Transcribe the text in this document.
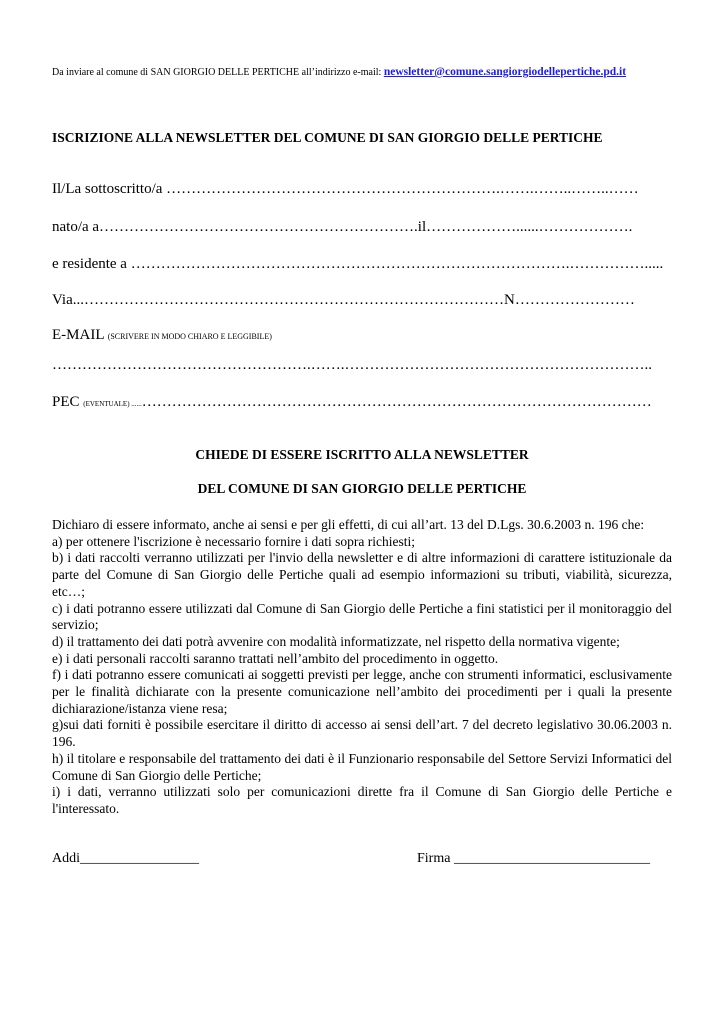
Da inviare al comune di SAN GIORGIO DELLE PERTICHE all’indirizzo e-mail: newsletter@comune.sangiorgiodellepertiche.pd.it
ISCRIZIONE ALLA NEWSLETTER DEL COMUNE DI SAN GIORGIO DELLE PERTICHE
Il/La sottoscritto/a ………………………………………………………….…….……..……..……
nato/a a……………………………………………………….il………………......……………….
e residente a …………………………………………………………………………….…………….....
Via...…………………………………………………………………………N……………………
E-MAIL (SCRIVERE IN MODO CHIARO E LEGGIBILE)
…………………………………………….…….……………………………………………………..
PEC (EVENTUALE) ......…………………………………………………………………………………………
CHIEDE DI ESSERE ISCRITTO ALLA NEWSLETTER
DEL COMUNE DI SAN GIORGIO DELLE PERTICHE

Dichiaro di essere informato, anche ai sensi e per gli effetti, di cui all’art. 13 del D.Lgs. 30.6.2003 n. 196 che:

a) per ottenere l'iscrizione è necessario fornire i dati sopra richiesti;

b) i dati raccolti verranno utilizzati per l'invio della newsletter e di altre informazioni di carattere istituzionale da parte del Comune di San Giorgio delle Pertiche quali ad esempio informazioni su tributi, viabilità, sicurezza, etc…;

c) i dati potranno essere utilizzati dal Comune di San Giorgio delle Pertiche a fini statistici per il monitoraggio del servizio;

d) il trattamento dei dati potrà avvenire con modalità informatizzate, nel rispetto della normativa vigente;

e) i dati personali raccolti saranno trattati nell’ambito del procedimento in oggetto.

f) i dati potranno essere comunicati ai soggetti previsti per legge, anche con strumenti informatici, esclusivamente per le finalità dichiarate con la presente comunicazione nell’ambito dei procedimenti per i quali la presente dichiarazione/istanza viene resa;

g)sui dati forniti è possibile esercitare il diritto di accesso ai sensi dell’art. 7 del decreto legislativo 30.06.2003 n. 196.

h) il titolare e responsabile del trattamento dei dati è il Funzionario responsabile del Settore Servizi Informatici del Comune di San Giorgio delle Pertiche;

i) i dati, verranno utilizzati solo per comunicazioni dirette fra il Comune di San Giorgio delle Pertiche e l'interessato.

Addi_________________	Firma ____________________________
